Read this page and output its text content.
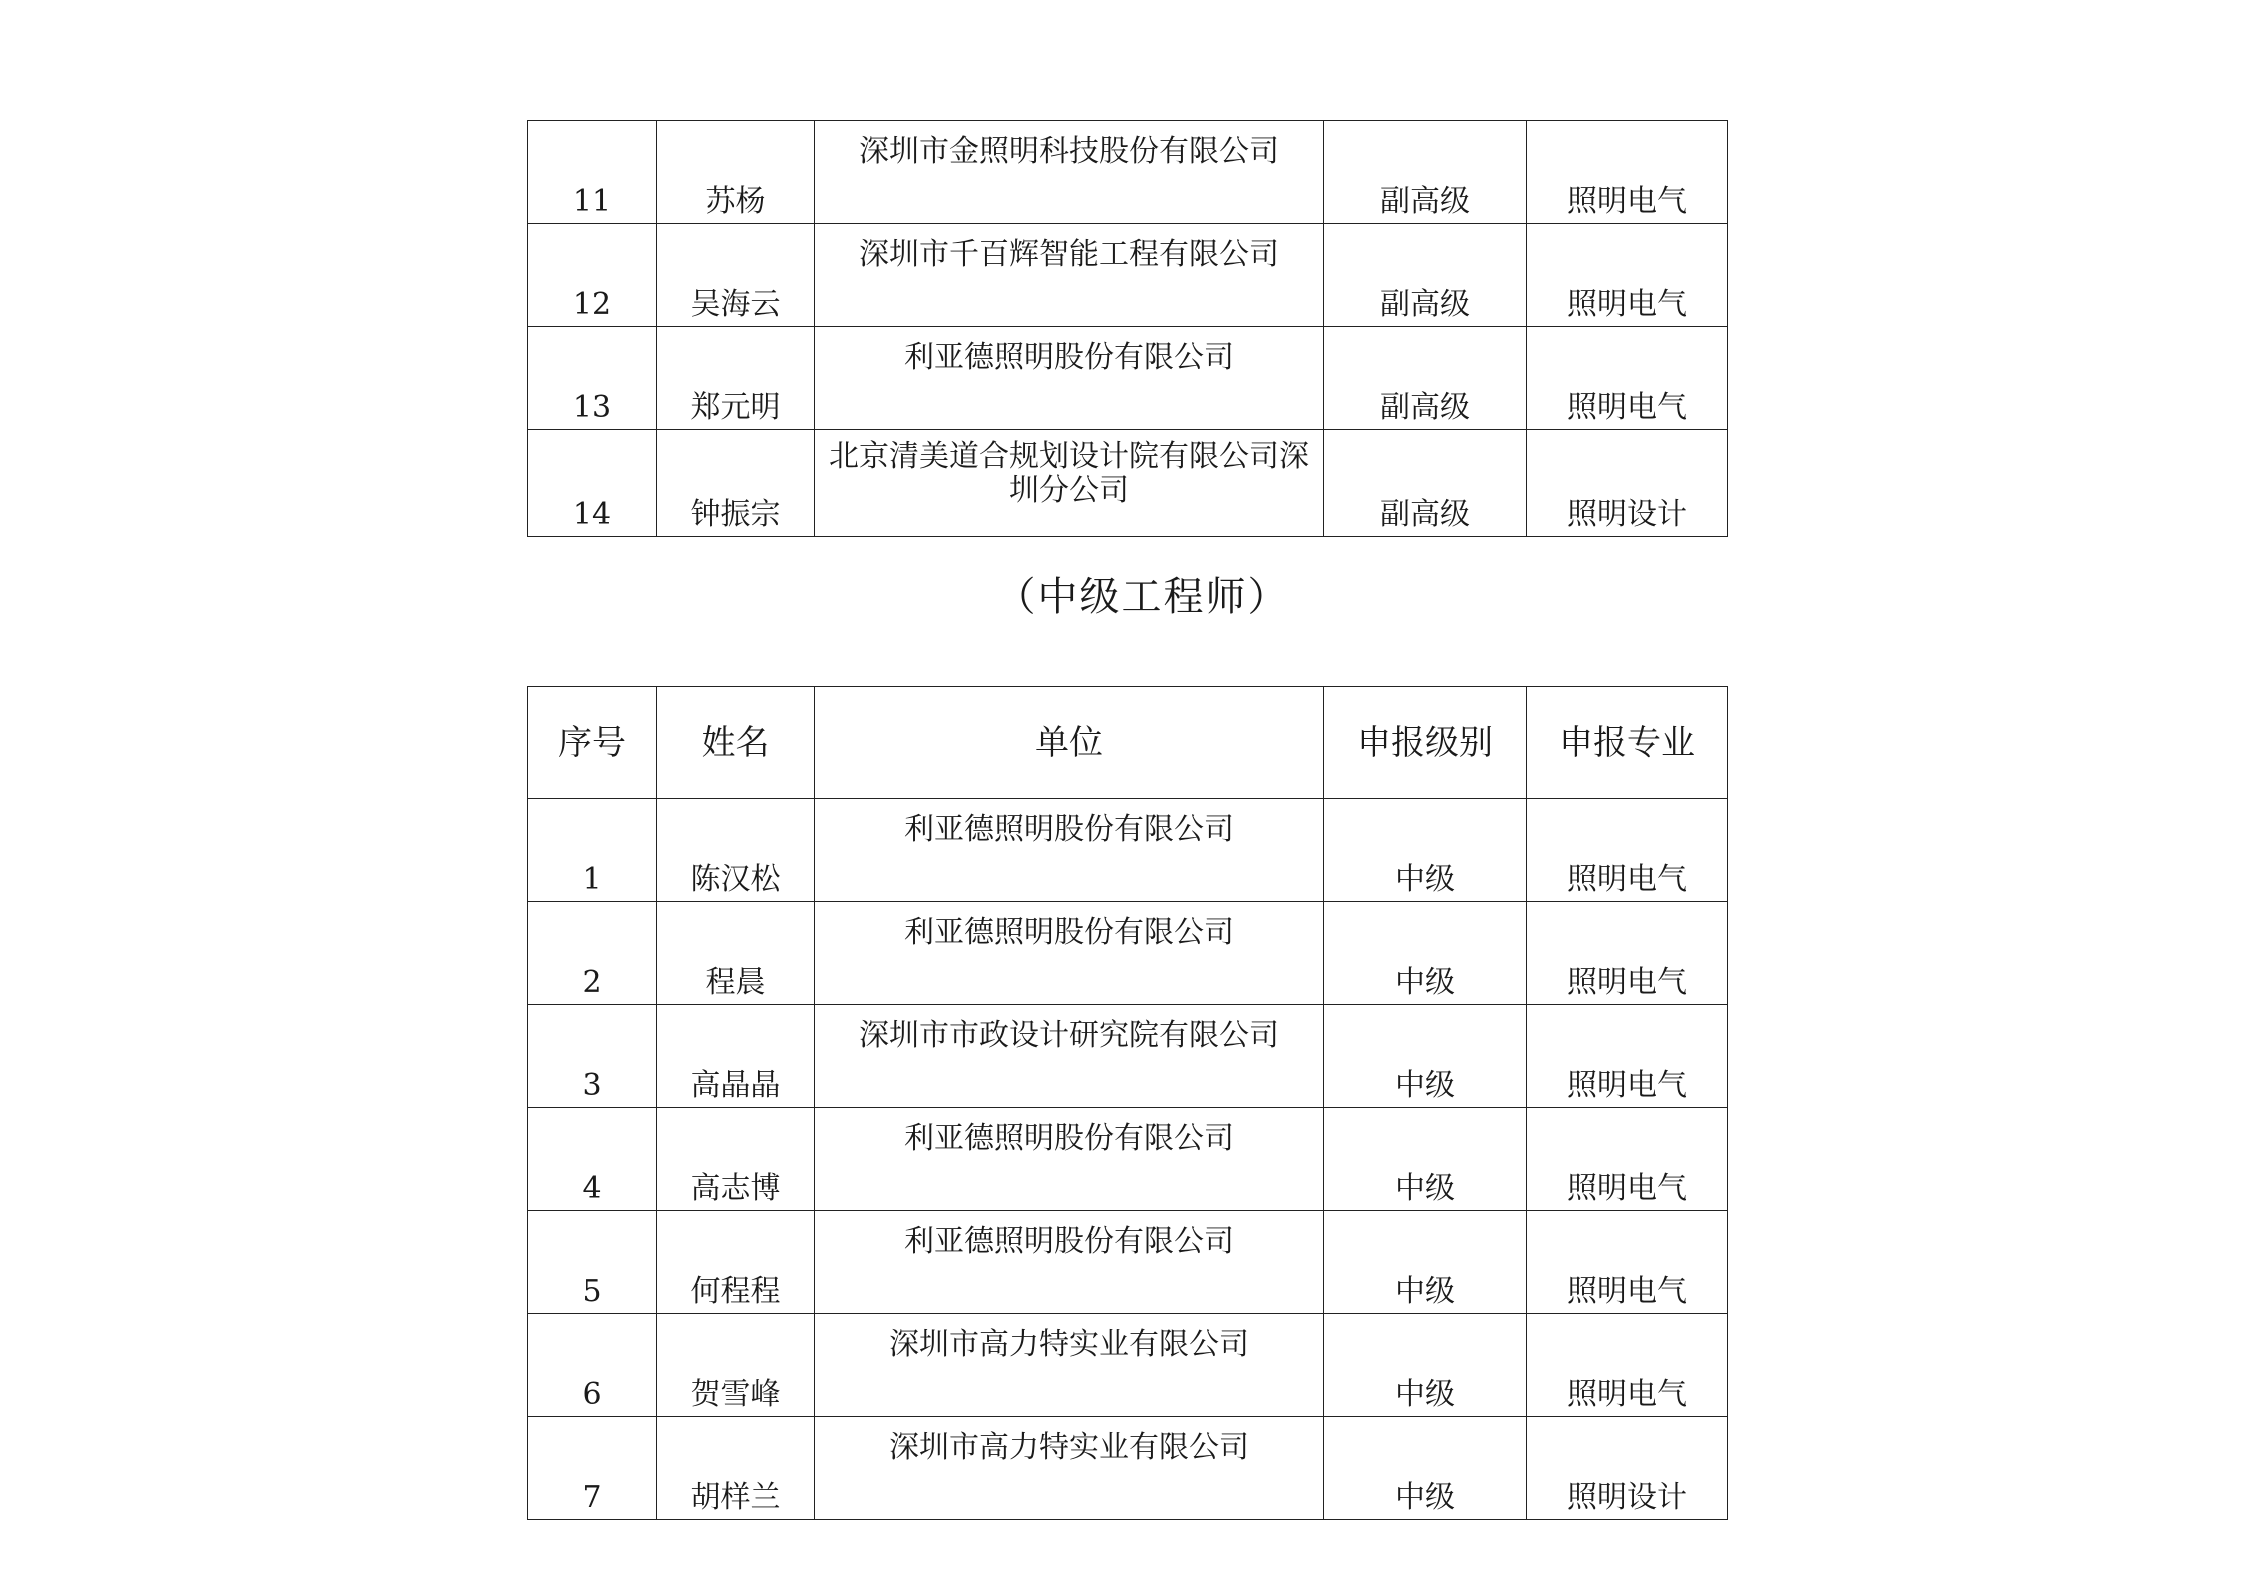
11	苏杨	深圳市金照明科技股份有限公司	副高级	照明电气
12	吴海云	深圳市千百辉智能工程有限公司	副高级	照明电气
13	郑元明	利亚德照明股份有限公司	副高级	照明电气
14	钟振宗	北京清美道合规划设计院有限公司深圳分公司	副高级	照明设计
（中级工程师）
序号	姓名	单位	申报级别	申报专业
1	陈汉松	利亚德照明股份有限公司	中级	照明电气
2	程晨	利亚德照明股份有限公司	中级	照明电气
3	高晶晶	深圳市市政设计研究院有限公司	中级	照明电气
4	高志博	利亚德照明股份有限公司	中级	照明电气
5	何程程	利亚德照明股份有限公司	中级	照明电气
6	贺雪峰	深圳市高力特实业有限公司	中级	照明电气
7	胡样兰	深圳市高力特实业有限公司	中级	照明设计
